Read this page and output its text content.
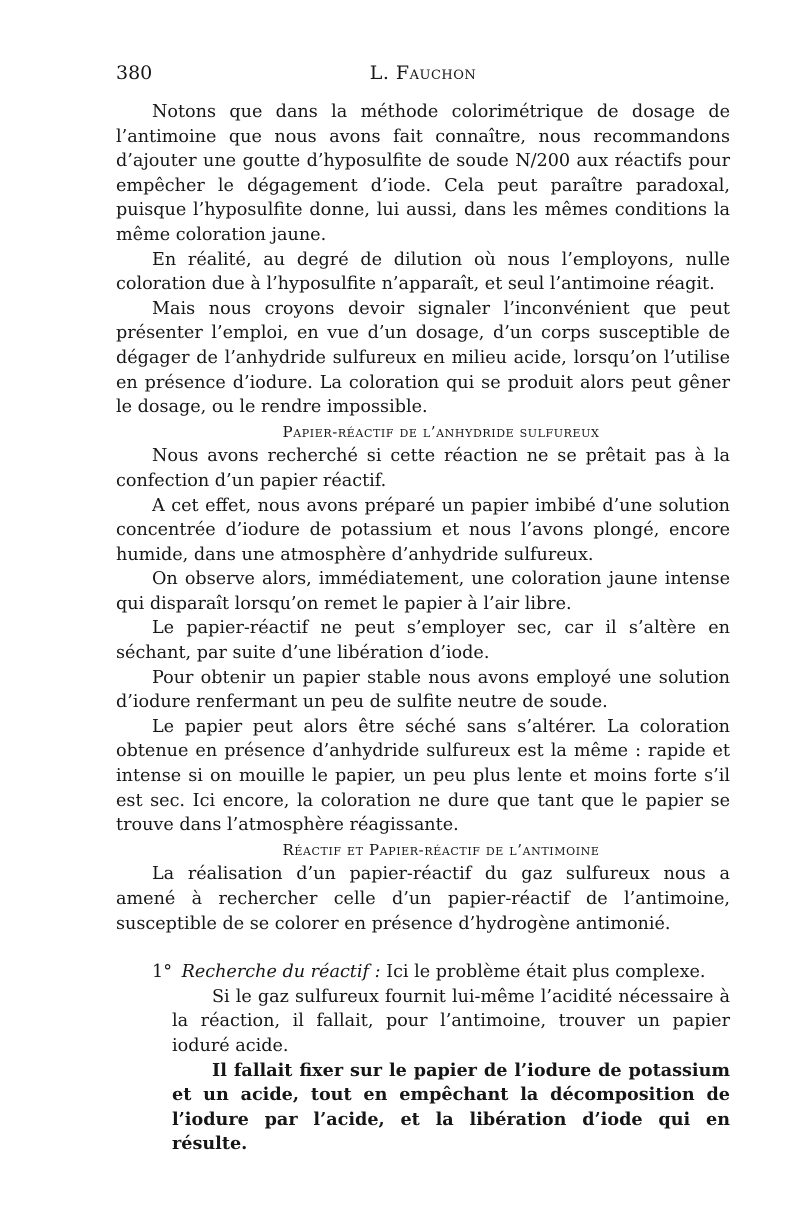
380	L. Fauchon

Notons que dans la méthode colorimétrique de dosage de l’antimoine que nous avons fait connaître, nous recommandons d’ajouter une goutte d’hyposulfite de soude N/200 aux réactifs pour empêcher le dégagement d’iode. Cela peut paraître paradoxal, puisque l’hyposulfite donne, lui aussi, dans les mêmes conditions la même coloration jaune.

En réalité, au degré de dilution où nous l’employons, nulle coloration due à l’hyposulfite n’apparaît, et seul l’antimoine réagit.

Mais nous croyons devoir signaler l’inconvénient que peut présenter l’emploi, en vue d’un dosage, d’un corps susceptible de dégager de l’anhydride sulfureux en milieu acide, lorsqu’on l’utilise en présence d’iodure. La coloration qui se produit alors peut gêner le dosage, ou le rendre impossible.

Papier-réactif de l’anhydride sulfureux

Nous avons recherché si cette réaction ne se prêtait pas à la confection d’un papier réactif.

A cet effet, nous avons préparé un papier imbibé d’une solution concentrée d’iodure de potassium et nous l’avons plongé, encore humide, dans une atmosphère d’anhydride sulfureux.

On observe alors, immédiatement, une coloration jaune intense qui disparaît lorsqu’on remet le papier à l’air libre.

Le papier-réactif ne peut s’employer sec, car il s’altère en séchant, par suite d’une libération d’iode.

Pour obtenir un papier stable nous avons employé une solution d’iodure renfermant un peu de sulfite neutre de soude.

Le papier peut alors être séché sans s’altérer. La coloration obtenue en présence d’anhydride sulfureux est la même : rapide et intense si on mouille le papier, un peu plus lente et moins forte s’il est sec. Ici encore, la coloration ne dure que tant que le papier se trouve dans l’atmosphère réagissante.

Réactif et Papier-réactif de l’antimoine

La réalisation d’un papier-réactif du gaz sulfureux nous a amené à rechercher celle d’un papier-réactif de l’antimoine, susceptible de se colorer en présence d’hydrogène antimonié.

1° Recherche du réactif : Ici le problème était plus complexe.

Si le gaz sulfureux fournit lui-même l’acidité nécessaire à la réaction, il fallait, pour l’antimoine, trouver un papier ioduré acide.

Il fallait fixer sur le papier de l’iodure de potassium et un acide, tout en empêchant la décomposition de l’iodure par l’acide, et la libération d’iode qui en résulte.
